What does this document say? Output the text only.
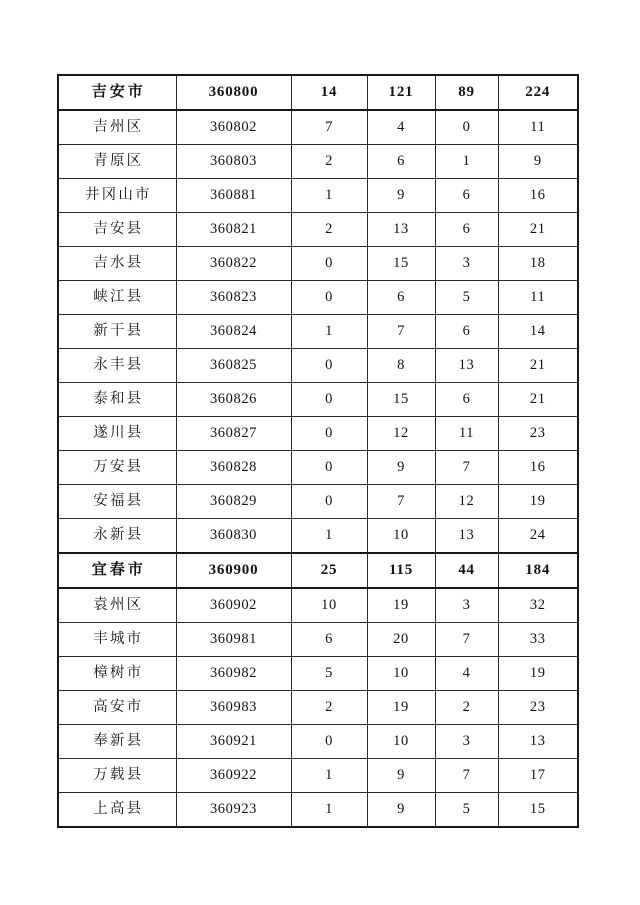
吉安市	360800	14	121	89	224
吉州区	360802	7	4	0	11
青原区	360803	2	6	1	9
井冈山市	360881	1	9	6	16
吉安县	360821	2	13	6	21
吉水县	360822	0	15	3	18
峡江县	360823	0	6	5	11
新干县	360824	1	7	6	14
永丰县	360825	0	8	13	21
泰和县	360826	0	15	6	21
遂川县	360827	0	12	11	23
万安县	360828	0	9	7	16
安福县	360829	0	7	12	19
永新县	360830	1	10	13	24
宜春市	360900	25	115	44	184
袁州区	360902	10	19	3	32
丰城市	360981	6	20	7	33
樟树市	360982	5	10	4	19
高安市	360983	2	19	2	23
奉新县	360921	0	10	3	13
万载县	360922	1	9	7	17
上高县	360923	1	9	5	15
